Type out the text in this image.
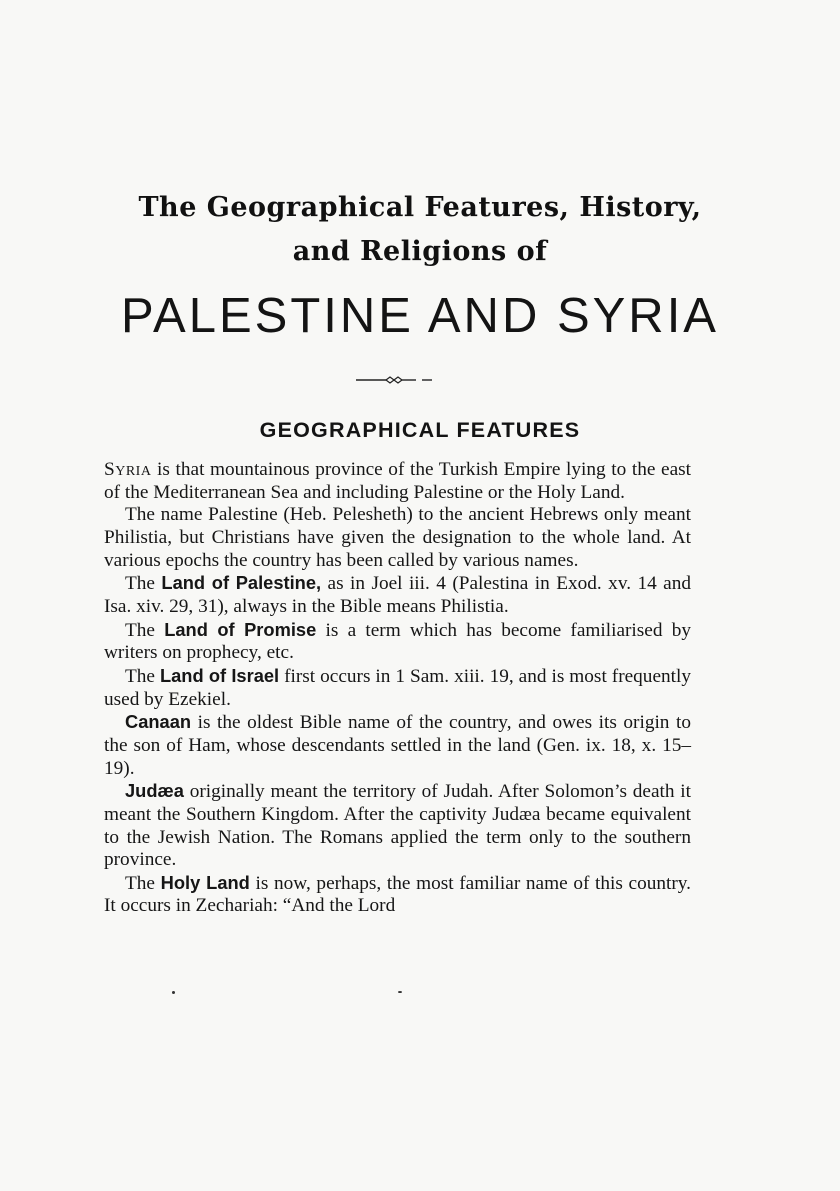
The Geographical Features, History,
and Religions of
PALESTINE AND SYRIA
GEOGRAPHICAL FEATURES

Syria is that mountainous province of the Turkish Empire lying to the east of the Mediterranean Sea and including Palestine or the Holy Land.

The name Palestine (Heb. Pelesheth) to the ancient Hebrews only meant Philistia, but Christians have given the designation to the whole land. At various epochs the country has been called by various names.

The Land of Palestine, as in Joel iii. 4 (Palestina in Exod. xv. 14 and Isa. xiv. 29, 31), always in the Bible means Philistia.

The Land of Promise is a term which has become familiarised by writers on prophecy, etc.

The Land of Israel first occurs in 1 Sam. xiii. 19, and is most frequently used by Ezekiel.

Canaan is the oldest Bible name of the country, and owes its origin to the son of Ham, whose descendants settled in the land (Gen. ix. 18, x. 15–19).

Judæa originally meant the territory of Judah. After Solomon’s death it meant the Southern Kingdom. After the captivity Judæa became equivalent to the Jewish Nation. The Romans applied the term only to the southern province.

The Holy Land is now, perhaps, the most familiar name of this country. It occurs in Zechariah: “And the Lord
